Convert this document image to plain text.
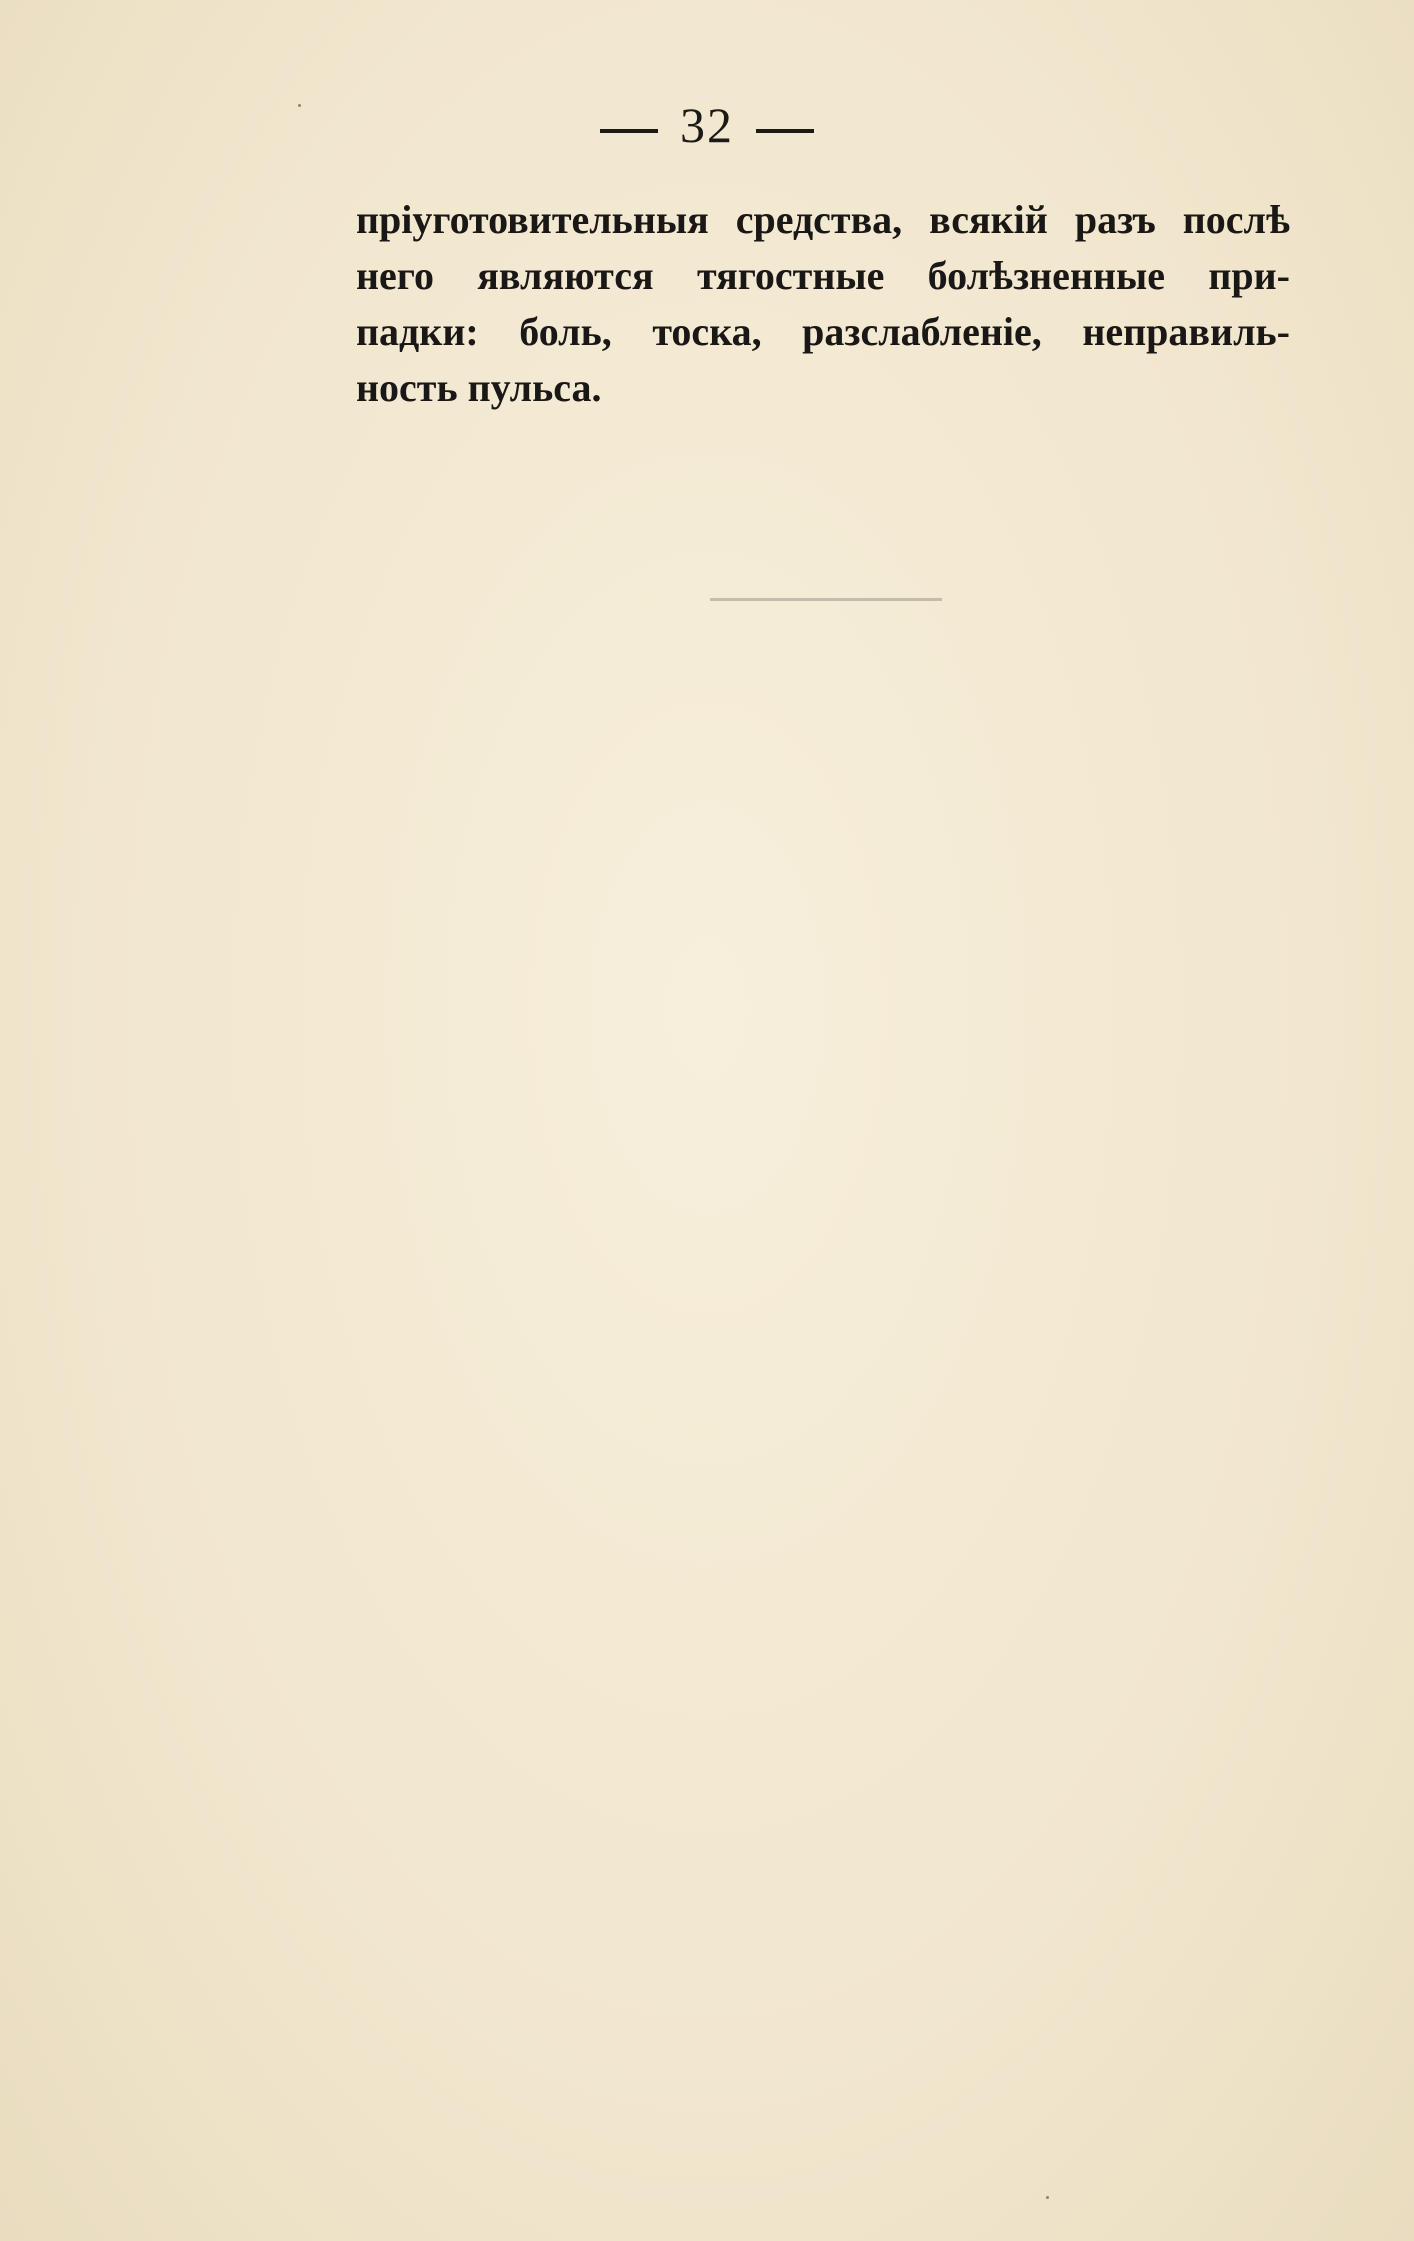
32
пріуготовительныя средства, всякій разъ послѣ
него являются тягостные болѣзненные при-
падки: боль, тоска, разслабленіе, неправиль-
ность пульса.
